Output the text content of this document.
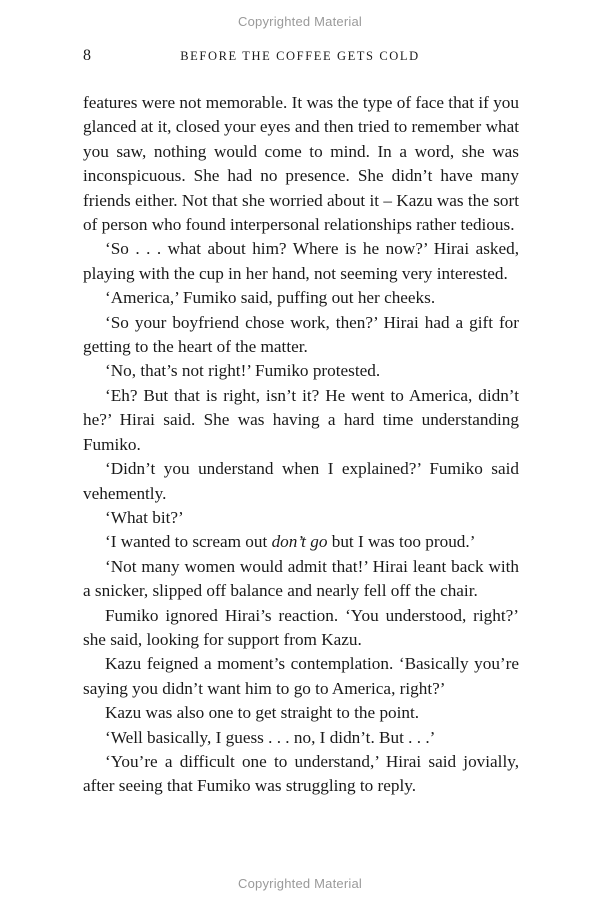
Copyrighted Material
8	BEFORE THE COFFEE GETS COLD

features were not memorable. It was the type of face that if you glanced at it, closed your eyes and then tried to remember what you saw, nothing would come to mind. In a word, she was inconspicuous. She had no presence. She didn’t have many friends either. Not that she worried about it – Kazu was the sort of person who found interpersonal relationships rather tedious.

‘So . . . what about him? Where is he now?’ Hirai asked, playing with the cup in her hand, not seeming very interested.

‘America,’ Fumiko said, puffing out her cheeks.

‘So your boyfriend chose work, then?’ Hirai had a gift for getting to the heart of the matter.

‘No, that’s not right!’ Fumiko protested.

‘Eh? But that is right, isn’t it? He went to America, didn’t he?’ Hirai said. She was having a hard time understanding Fumiko.

‘Didn’t you understand when I explained?’ Fumiko said vehemently.

‘What bit?’

‘I wanted to scream out don’t go but I was too proud.’

‘Not many women would admit that!’ Hirai leant back with a snicker, slipped off balance and nearly fell off the chair.

Fumiko ignored Hirai’s reaction. ‘You understood, right?’ she said, looking for support from Kazu.

Kazu feigned a moment’s contemplation. ‘Basically you’re saying you didn’t want him to go to America, right?’

Kazu was also one to get straight to the point.

‘Well basically, I guess . . . no, I didn’t. But . . .’

‘You’re a difficult one to understand,’ Hirai said jovially, after seeing that Fumiko was struggling to reply.

Copyrighted Material
